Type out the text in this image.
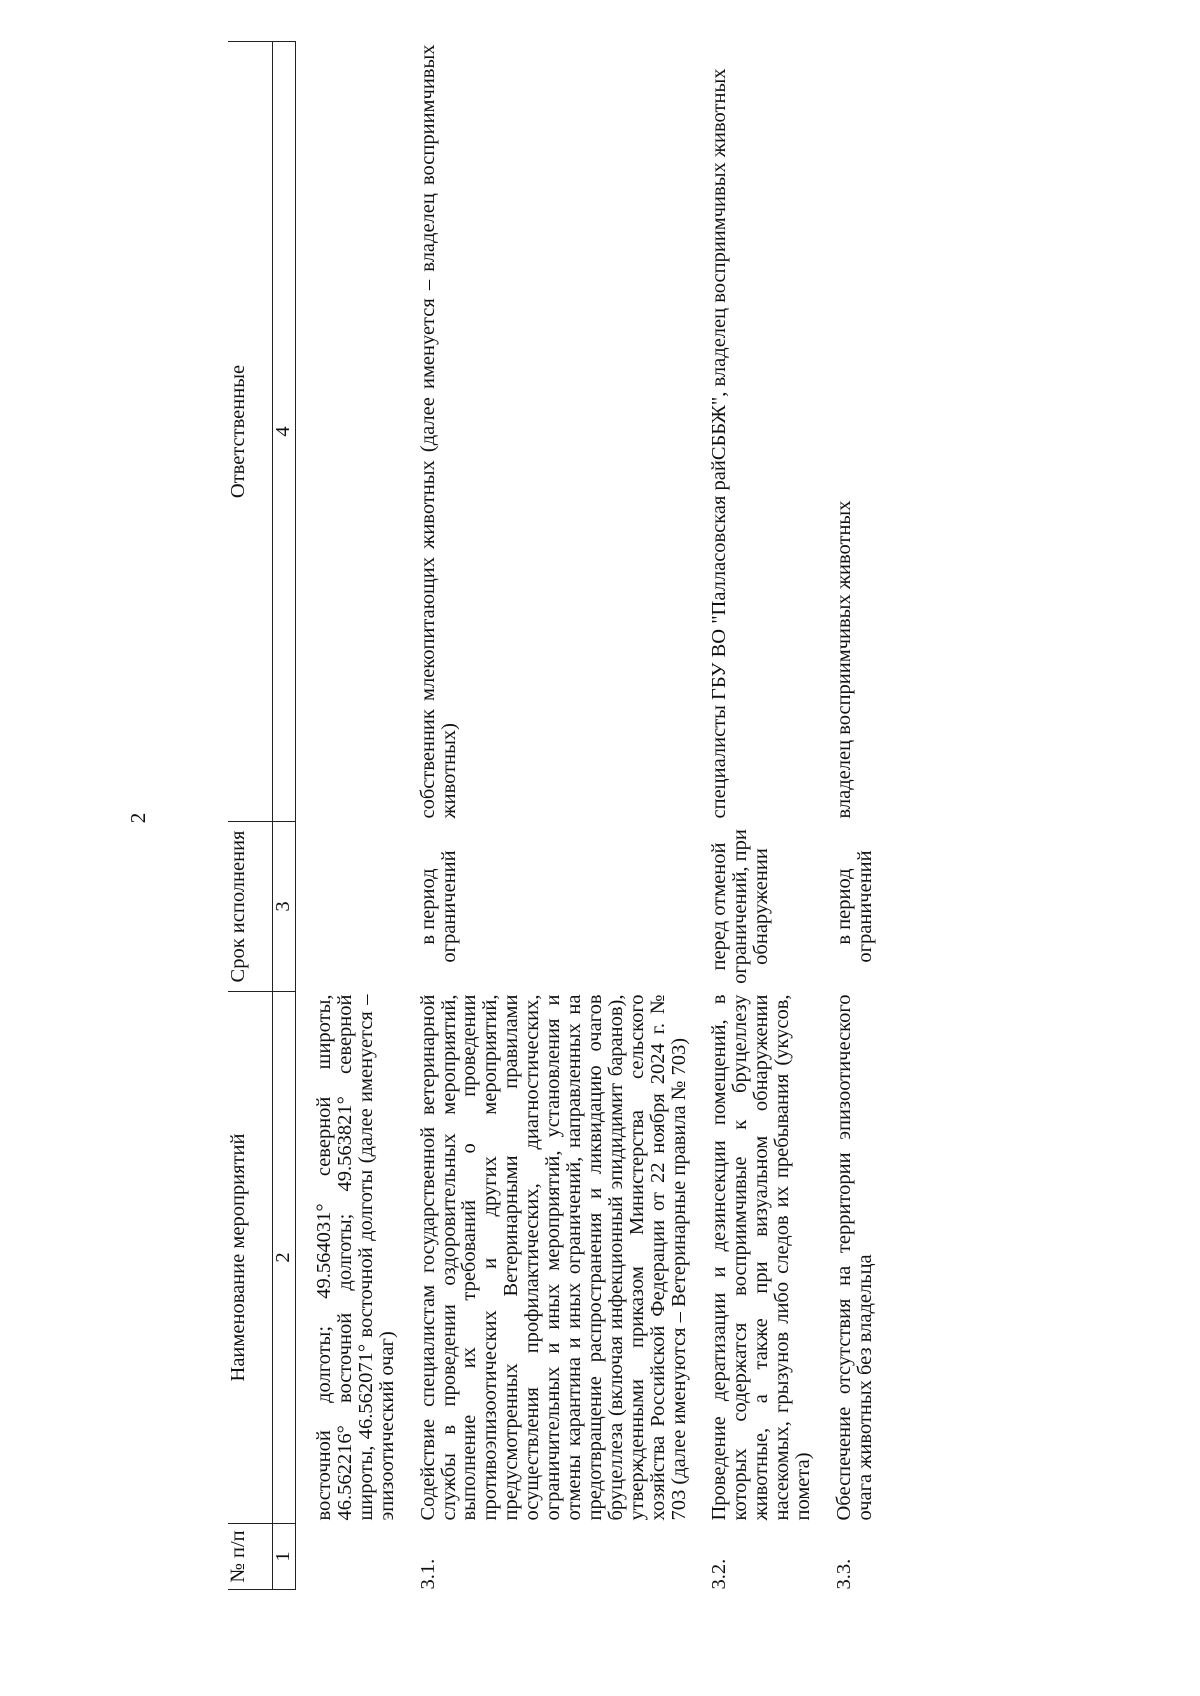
2
№ п/п	Наименование мероприятий	Срок исполнения	Ответственные
1	2	3	4

	восточной долготы; 49.564031° северной широты, 46.562216° восточной долготы; 49.563821° северной широты, 46.562071° восточной долготы (далее именуется – эпизоотический очаг)		

3.1.	Содействие специалистам государственной ветеринарной службы в проведении оздоровительных мероприятий, выполнение их требований о проведении противоэпизоотических и других мероприятий, предусмотренных Ветеринарными правилами осуществления профилактических, диагностических, ограничительных и иных мероприятий, установления и отмены карантина и иных ограничений, направленных на предотвращение распространения и ликвидацию очагов бруцеллеза (включая инфекционный эпидидимит баранов), утвержденными приказом Министерства сельского хозяйства Российской Федерации от 22 ноября 2024 г. № 703 (далее именуются – Ветеринарные правила № 703)	в период ограничений	собственник млекопитающих животных (далее именуется – владелец восприимчивых животных)

3.2.	Проведение дератизации и дезинсекции помещений, в которых содержатся восприимчивые к бруцеллезу животные, а также при визуальном обнаружении насекомых, грызунов либо следов их пребывания (укусов, помета)	перед отменой ограничений, при обнаружении	специалисты ГБУ ВО "Палласовская райСББЖ", владелец восприимчивых животных

3.3.	Обеспечение отсутствия на территории эпизоотического очага животных без владельца	в период ограничений	владелец восприимчивых животных
